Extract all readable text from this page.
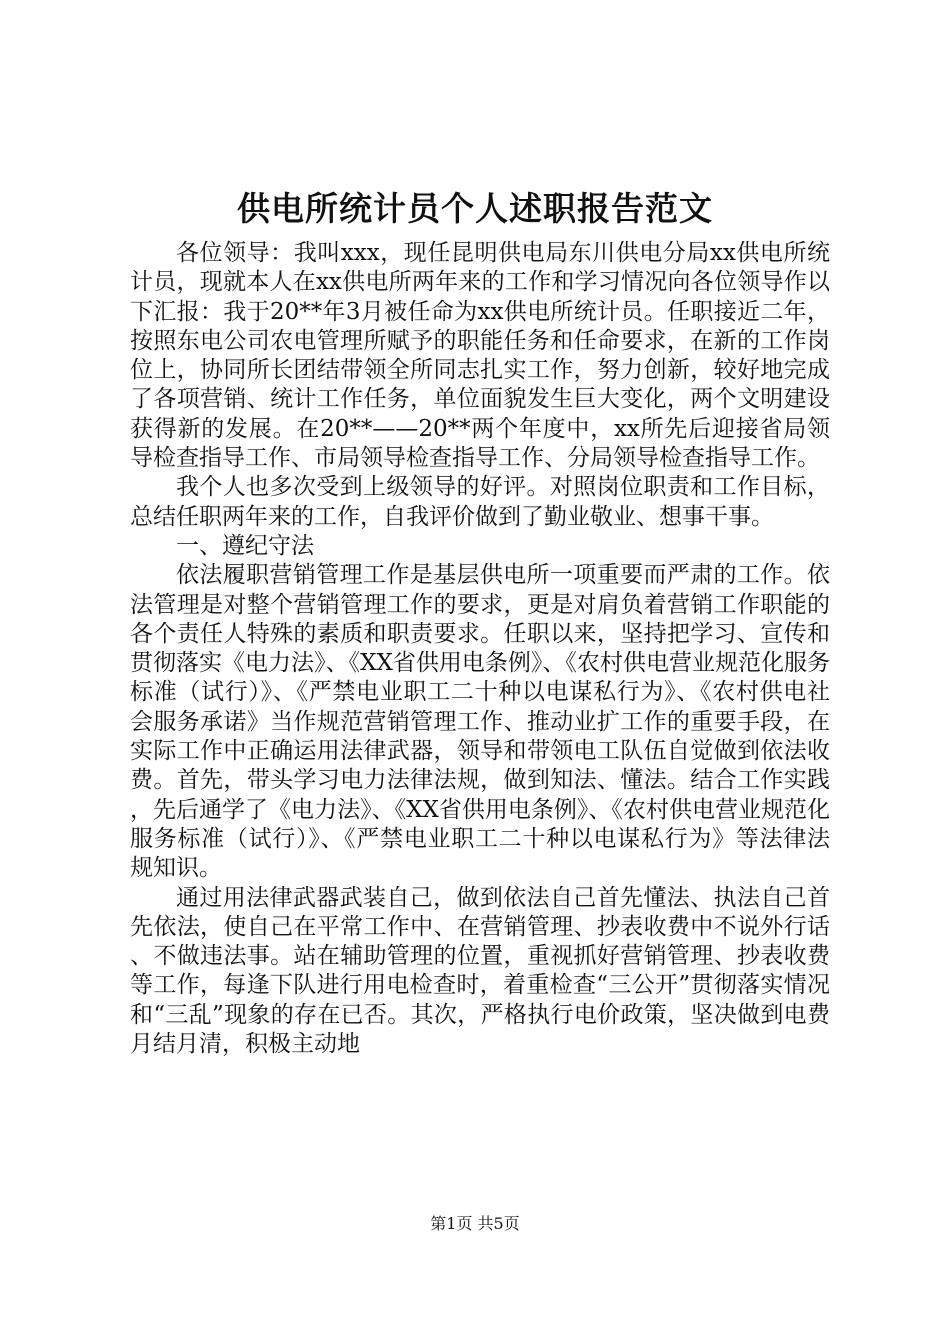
供电所统计员个人述职报告范文

各位领导：我叫xxx，现任昆明供电局东川供电分局xx供电所统计员，现就本人在xx供电所两年来的工作和学习情况向各位领导作以下汇报：我于20**年3月被任命为xx供电所统计员。任职接近二年，按照东电公司农电管理所赋予的职能任务和任命要求，在新的工作岗位上，协同所长团结带领全所同志扎实工作，努力创新，较好地完成了各项营销、统计工作任务，单位面貌发生巨大变化，两个文明建设获得新的发展。在20**——20**两个年度中，xx所先后迎接省局领导检查指导工作、市局领导检查指导工作、分局领导检查指导工作。

我个人也多次受到上级领导的好评。对照岗位职责和工作目标，总结任职两年来的工作，自我评价做到了勤业敬业、想事干事。

一、遵纪守法

依法履职营销管理工作是基层供电所一项重要而严肃的工作。依法管理是对整个营销管理工作的要求，更是对肩负着营销工作职能的各个责任人特殊的素质和职责要求。任职以来，坚持把学习、宣传和贯彻落实《电力法》、《XX省供用电条例》、《农村供电营业规范化服务标准（试行）》、《严禁电业职工二十种以电谋私行为》、《农村供电社会服务承诺》当作规范营销管理工作、推动业扩工作的重要手段，在实际工作中正确运用法律武器，领导和带领电工队伍自觉做到依法收费。首先，带头学习电力法律法规，做到知法、懂法。结合工作实践，先后通学了《电力法》、《XX省供用电条例》、《农村供电营业规范化服务标准（试行）》、《严禁电业职工二十种以电谋私行为》等法律法规知识。

通过用法律武器武装自己，做到依法自己首先懂法、执法自己首先依法，使自己在平常工作中、在营销管理、抄表收费中不说外行话、不做违法事。站在辅助管理的位置，重视抓好营销管理、抄表收费等工作，每逢下队进行用电检查时，着重检查“三公开”贯彻落实情况和“三乱”现象的存在已否。其次，严格执行电价政策，坚决做到电费月结月清，积极主动地

第1页 共5页
